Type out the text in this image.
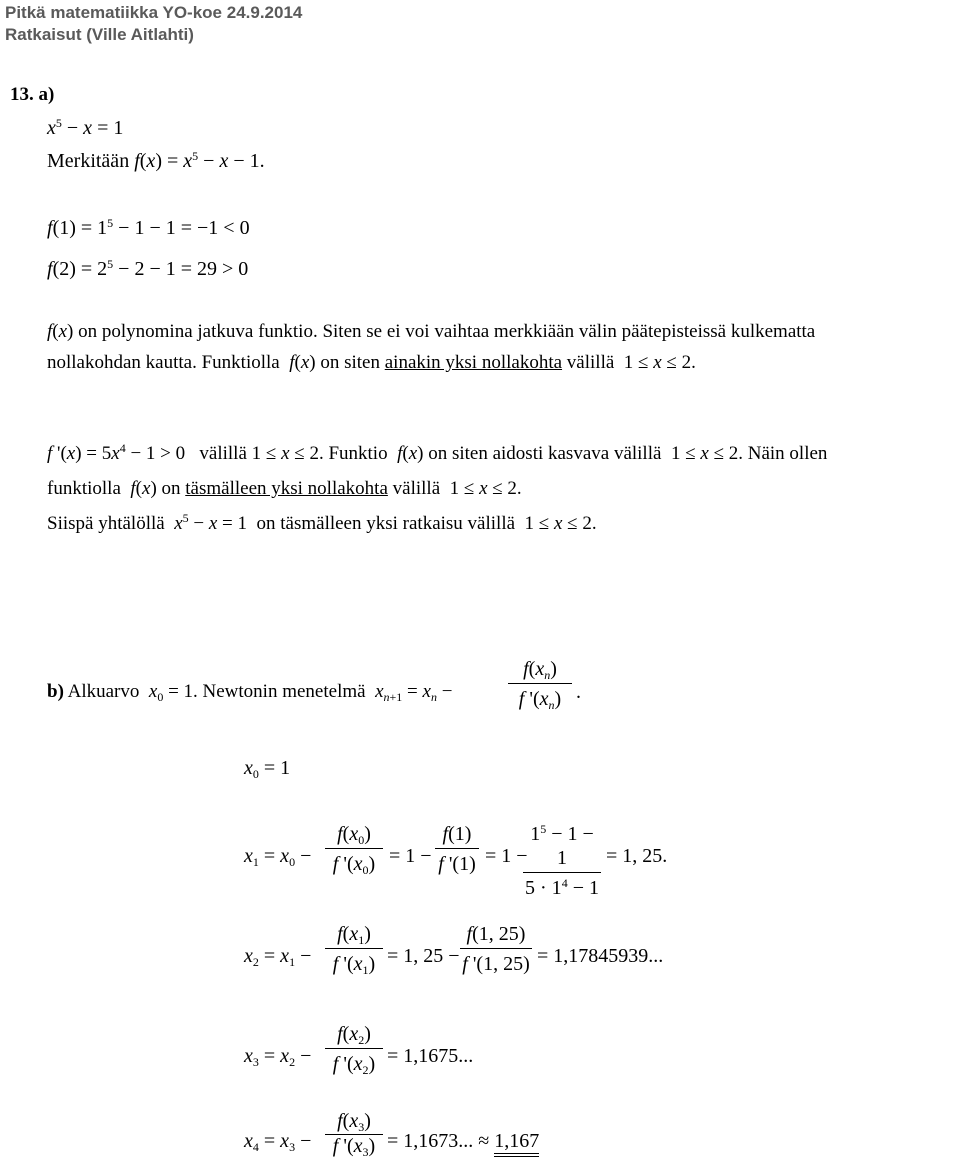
Pitkä matematiikka YO-koe 24.9.2014
Ratkaisut (Ville Aitlahti)
13. a)
$x^5 - x = 1$
Merkitään $f(x) = x^5 - x - 1$.
$f(1) = 1^5 - 1 - 1 = -1 < 0$
$f(2) = 2^5 - 2 - 1 = 29 > 0$
f(x) on polynomina jatkuva funktio. Siten se ei voi vaihtaa merkkiään välin päätepisteissä kulkematta
nollakohdan kautta. Funktiolla f(x) on siten ainakin yksi nollakohta välillä  1 ≤ x ≤ 2.
f '$(x) = 5x^4 - 1 > 0$   välillä 1 ≤ x ≤ 2. Funktio f(x) on siten aidosti kasvava välillä  1 ≤ x ≤ 2. Näin ollen
funktiolla f(x) on täsmälleen yksi nollakohta välillä  1 ≤ x ≤ 2.
Siispä yhtälöllä $x^5 - x = 1$  on täsmälleen yksi ratkaisu välillä  1 ≤ x ≤ 2.
b) Alkuarvo $x_0 = 1$. Newtonin menetelmä $x_{n+1} = x_n$ −
$f(x_n)$
f '$(x_n)$ .
$x_0 = 1$
$x_1 = x_0$ −
$f(x_0)$
f '$(x_0) = 1$ −
f(1)
f '(1) = 1 −
$1^5 - 1 - 1$
$5 \cdot 1^4 - 1$
= 1, 25.
$x_2 = x_1$ −
$f(x_1)$
f '$(x_1) = 1$, 25 −
f(1, 25)
f '(1, 25) = 1,17845939...
$x_3 = x_2$ −
$f(x_2)$
f '$(x_2) = 1,1675$...
$x_4 = x_3$ −
$f(x_3)$
f '$(x_3) = 1,1673$... ≈ 1,167
